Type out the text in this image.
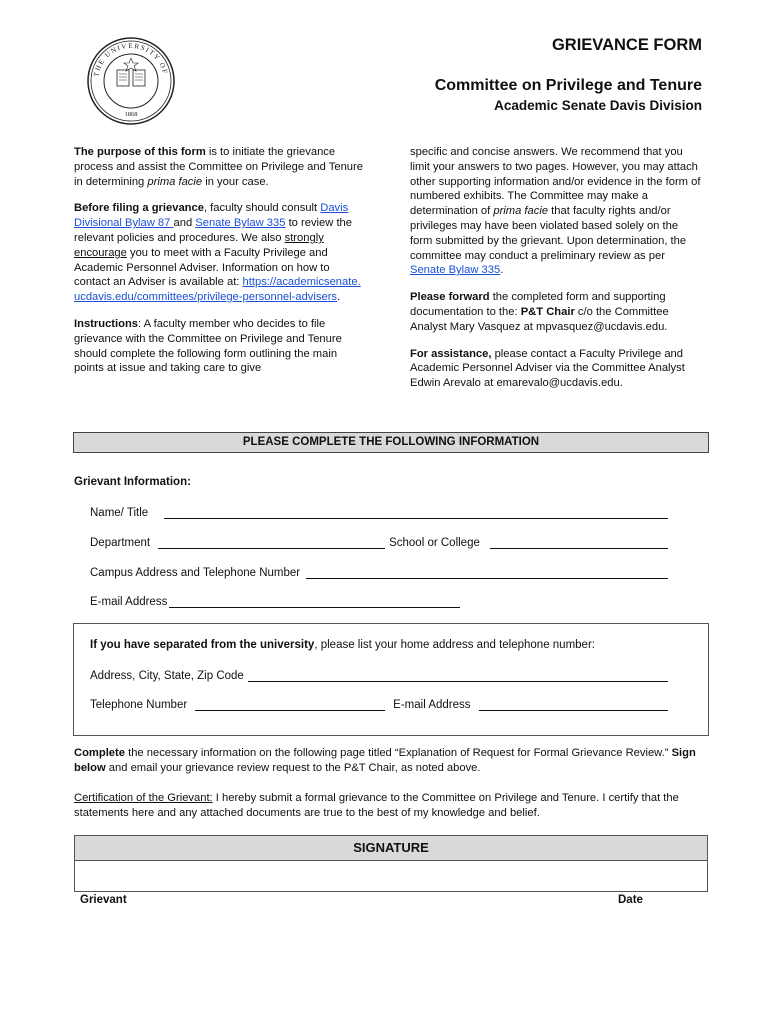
THE UNIVERSITY OF
1868
GRIEVANCE FORM
Committee on Privilege and Tenure
Academic Senate Davis Division

The purpose of this form is to initiate the grievance process and assist the Committee on Privilege and Tenure in determining prima facie in your case.

Before filing a grievance, faculty should consult Davis Divisional Bylaw 87 and Senate Bylaw 335 to review the relevant policies and procedures. We also strongly encourage you to meet with a Faculty Privilege and Academic Personnel Adviser. Information on how to contact an Adviser is available at: https://academicsenate.ucdavis.edu/committees/privilege-personnel-advisers.

Instructions: A faculty member who decides to file grievance with the Committee on Privilege and Tenure should complete the following form outlining the main points at issue and taking care to give

specific and concise answers. We recommend that you limit your answers to two pages. However, you may attach other supporting information and/or evidence in the form of numbered exhibits. The Committee may make a determination of prima facie that faculty rights and/or privileges may have been violated based solely on the form submitted by the grievant. Upon determination, the committee may conduct a preliminary review as per Senate Bylaw 335.

Please forward the completed form and supporting documentation to the: P&T Chair c/o the Committee Analyst Mary Vasquez at mpvasquez@ucdavis.edu.

For assistance, please contact a Faculty Privilege and Academic Personnel Adviser via the Committee Analyst Edwin Arevalo at emarevalo@ucdavis.edu.

PLEASE COMPLETE THE FOLLOWING INFORMATION
Grievant Information:
Name/ Title
Department	School or College
Campus Address and Telephone Number
E-mail Address
If you have separated from the university, please list your home address and telephone number:
Address, City, State, Zip Code
Telephone Number	E-mail Address
Complete the necessary information on the following page titled “Explanation of Request for Formal Grievance Review.” Sign below and email your grievance review request to the P&T Chair, as noted above.
Certification of the Grievant: I hereby submit a formal grievance to the Committee on Privilege and Tenure. I certify that the statements here and any attached documents are true to the best of my knowledge and belief.
SIGNATURE
Grievant	Date
